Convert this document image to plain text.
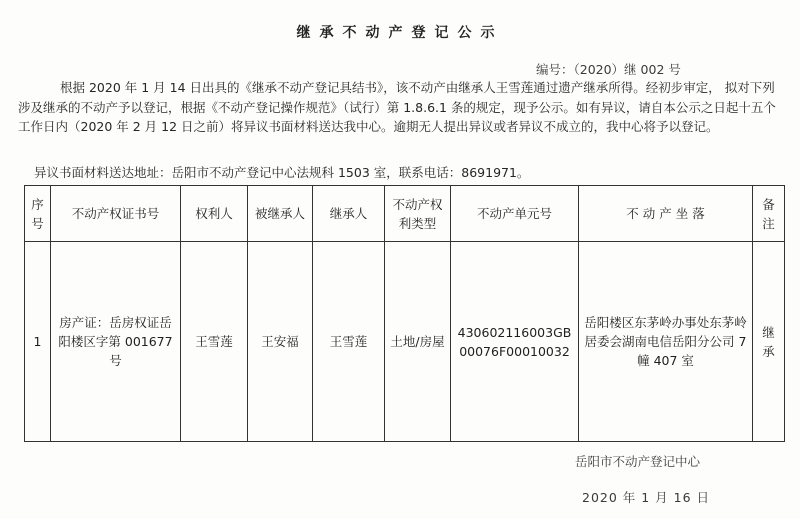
继承不动产登记公示
编号：（2020）继 002 号
根据 2020 年 1 月 14 日出具的《继承不动产登记具结书》，该不动产由继承人王雪莲通过遗产继承所得。经初步审定， 拟对下列涉及继承的不动产予以登记，根据《不动产登记操作规范》（试行）第 1.8.6.1 条的规定，现予公示。如有异议，请自本公示之日起十五个工作日内（2020 年 2 月 12 日之前）将异议书面材料送达我中心。逾期无人提出异议或者异议不成立的，我中心将予以登记。
异议书面材料送达地址：岳阳市不动产登记中心法规科 1503 室，联系电话：8691971。
序号	不动产权证书号	权利人	被继承人	继承人	不动产权利类型	不动产单元号	不 动 产 坐 落	备注
1	房产证：岳房权证岳阳楼区字第 001677 号	王雪莲	王安福	王雪莲	土地/房屋	430602116003GB00076F00010032	岳阳楼区东茅岭办事处东茅岭居委会湖南电信岳阳分公司 7 幢 407 室	继承
岳阳市不动产登记中心
2020 年 1 月 16 日
